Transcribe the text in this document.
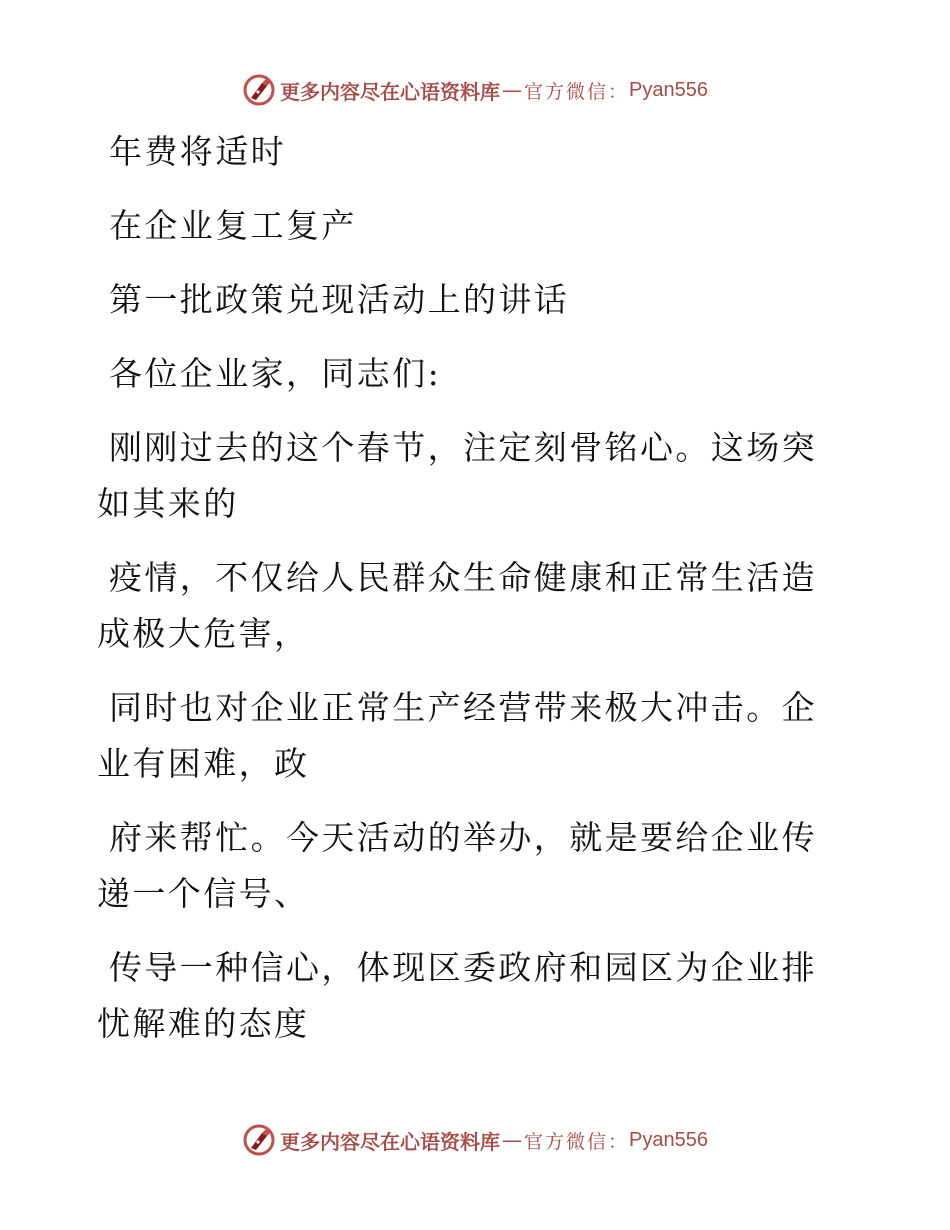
更多内容尽在心语资料库 — 官方微信： Pyan556

年费将适时

在企业复工复产

第一批政策兑现活动上的讲话

各位企业家，同志们:

刚刚过去的这个春节，注定刻骨铭心。这场突如其来的

疫情，不仅给人民群众生命健康和正常生活造成极大危害，

同时也对企业正常生产经营带来极大冲击。企业有困难，政

府来帮忙。今天活动的举办，就是要给企业传递一个信号、

传导一种信心，体现区委政府和园区为企业排忧解难的态度

更多内容尽在心语资料库 — 官方微信： Pyan556
